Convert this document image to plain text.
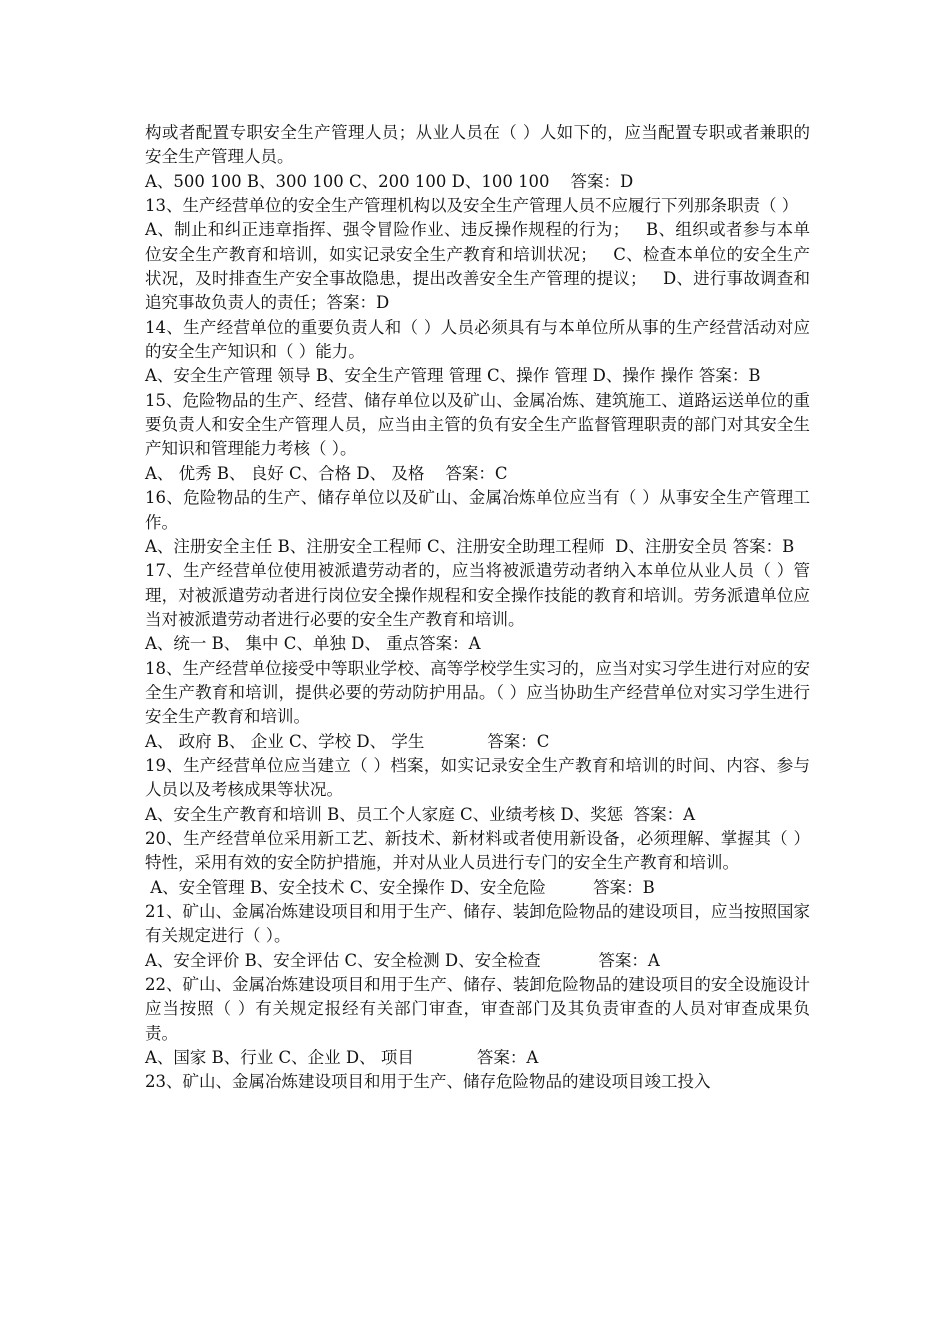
构或者配置专职安全生产管理人员；从业人员在（ ）人如下的，应当配置专职或者兼职的安全生产管理人员。

A、500 100 B、300 100 C、200 100 D、100 100    答案：D

13、生产经营单位的安全生产管理机构以及安全生产管理人员不应履行下列那条职责（ ）

A、制止和纠正违章指挥、强令冒险作业、违反操作规程的行为；   B、组织或者参与本单位安全生产教育和培训，如实记录安全生产教育和培训状况；   C、检查本单位的安全生产状况，及时排查生产安全事故隐患，提出改善安全生产管理的提议；   D、进行事故调查和追究事故负责人的责任；答案：D

14、生产经营单位的重要负责人和（ ）人员必须具有与本单位所从事的生产经营活动对应的安全生产知识和（ ）能力。

A、安全生产管理 领导 B、安全生产管理 管理 C、操作 管理 D、操作 操作 答案：B

15、危险物品的生产、经营、储存单位以及矿山、金属冶炼、建筑施工、道路运送单位的重要负责人和安全生产管理人员，应当由主管的负有安全生产监督管理职责的部门对其安全生产知识和管理能力考核（ ）。

A、 优秀 B、 良好 C、合格 D、 及格    答案：C

16、危险物品的生产、储存单位以及矿山、金属冶炼单位应当有（ ）从事安全生产管理工作。

A、注册安全主任 B、注册安全工程师 C、注册安全助理工程师  D、注册安全员 答案：B

17、生产经营单位使用被派遣劳动者的，应当将被派遣劳动者纳入本单位从业人员（ ）管理，对被派遣劳动者进行岗位安全操作规程和安全操作技能的教育和培训。劳务派遣单位应当对被派遣劳动者进行必要的安全生产教育和培训。

A、统一 B、 集中 C、单独 D、 重点答案：A

18、生产经营单位接受中等职业学校、高等学校学生实习的，应当对实习学生进行对应的安全生产教育和培训，提供必要的劳动防护用品。（ ）应当协助生产经营单位对实习学生进行安全生产教育和培训。

A、 政府 B、 企业 C、学校 D、 学生            答案：C

19、生产经营单位应当建立（ ）档案，如实记录安全生产教育和培训的时间、内容、参与人员以及考核成果等状况。

A、安全生产教育和培训 B、员工个人家庭 C、业绩考核 D、奖惩  答案：A

20、生产经营单位采用新工艺、新技术、新材料或者使用新设备，必须理解、掌握其（ ）特性，采用有效的安全防护措施，并对从业人员进行专门的安全生产教育和培训。

A、安全管理 B、安全技术 C、安全操作 D、安全危险         答案：B

21、矿山、金属冶炼建设项目和用于生产、储存、装卸危险物品的建设项目，应当按照国家有关规定进行（ ）。

A、安全评价 B、安全评估 C、安全检测 D、安全检查           答案：A

22、矿山、金属冶炼建设项目和用于生产、储存、装卸危险物品的建设项目的安全设施设计应当按照（ ）有关规定报经有关部门审查，审查部门及其负责审查的人员对审查成果负责。

A、国家 B、行业 C、企业 D、 项目            答案：A

23、矿山、金属冶炼建设项目和用于生产、储存危险物品的建设项目竣工投入
